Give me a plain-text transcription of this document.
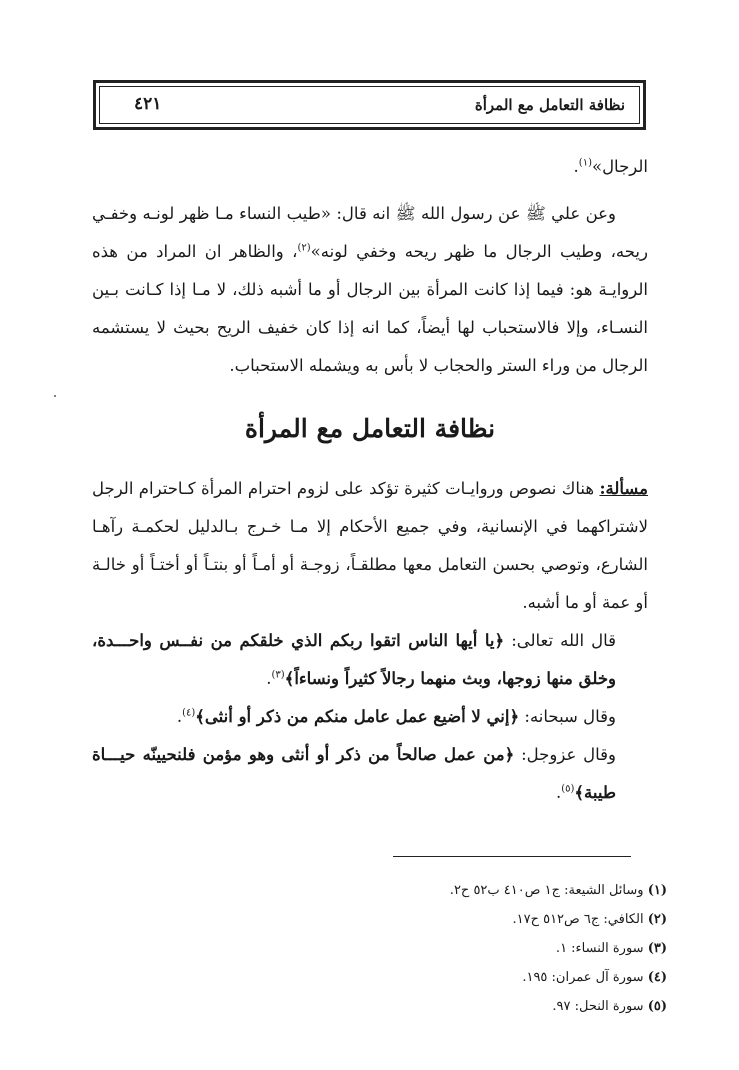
نظافة التعامل مع المرأة
٤٢١
الرجال»$^{(١)}$.
وعن علي ﷺ عن رسول الله ﷺ انه قال: «طيب النساء مـا ظهر لونـه وخفـي ريحه، وطيب الرجال ما ظهر ريحه وخفي لونه»$^{(٢)}$، والظاهر ان المراد من هذه الروايـة هو: فيما إذا كانت المرأة بين الرجال أو ما أشبه ذلك، لا مـا إذا كـانت بـين النسـاء، وإلا فالاستحباب لها أيضاً، كما انه إذا كان خفيف الريح بحيث لا يستشمه الرجال من وراء الستر والحجاب لا بأس به ويشمله الاستحباب.
نظافة التعامل مع المرأة
مسألة: هناك نصوص وروايـات كثيرة تؤكد على لزوم احترام المرأة كـاحترام الرجل لاشتراكهما في الإنسانية، وفي جميع الأحكام إلا مـا خـرج بـالدليل لحكمـة رآهـا الشارع، وتوصي بحسن التعامل معها مطلقـاً، زوجـة أو أمـاً أو بنتـاً أو أختـاً أو خالـة أو عمة أو ما أشبه.
قال الله تعالى: ﴿يا أيها الناس اتقوا ربكم الذي خلقكم من نفــس واحـــدة، وخلق منها زوجها، وبث منهما رجالاً كثيراً ونساءاً﴾$^{(٣)}$.
وقال سبحانه: ﴿إني لا أضيع عمل عامل منكم من ذكر أو أنثى﴾$^{(٤)}$.
وقال عزوجل: ﴿من عمل صالحاً من ذكر أو أنثى وهو مؤمن فلنحيينّه حيـــاة طيبة﴾$^{(٥)}$.
(١) وسائل الشيعة: ج١ ص٤١٠ ب٥٢ ح٢.
(٢) الكافي: ج٦ ص٥١٢ ح١٧.
(٣) سورة النساء: ١.
(٤) سورة آل عمران: ١٩٥.
(٥) سورة النحل: ٩٧.
